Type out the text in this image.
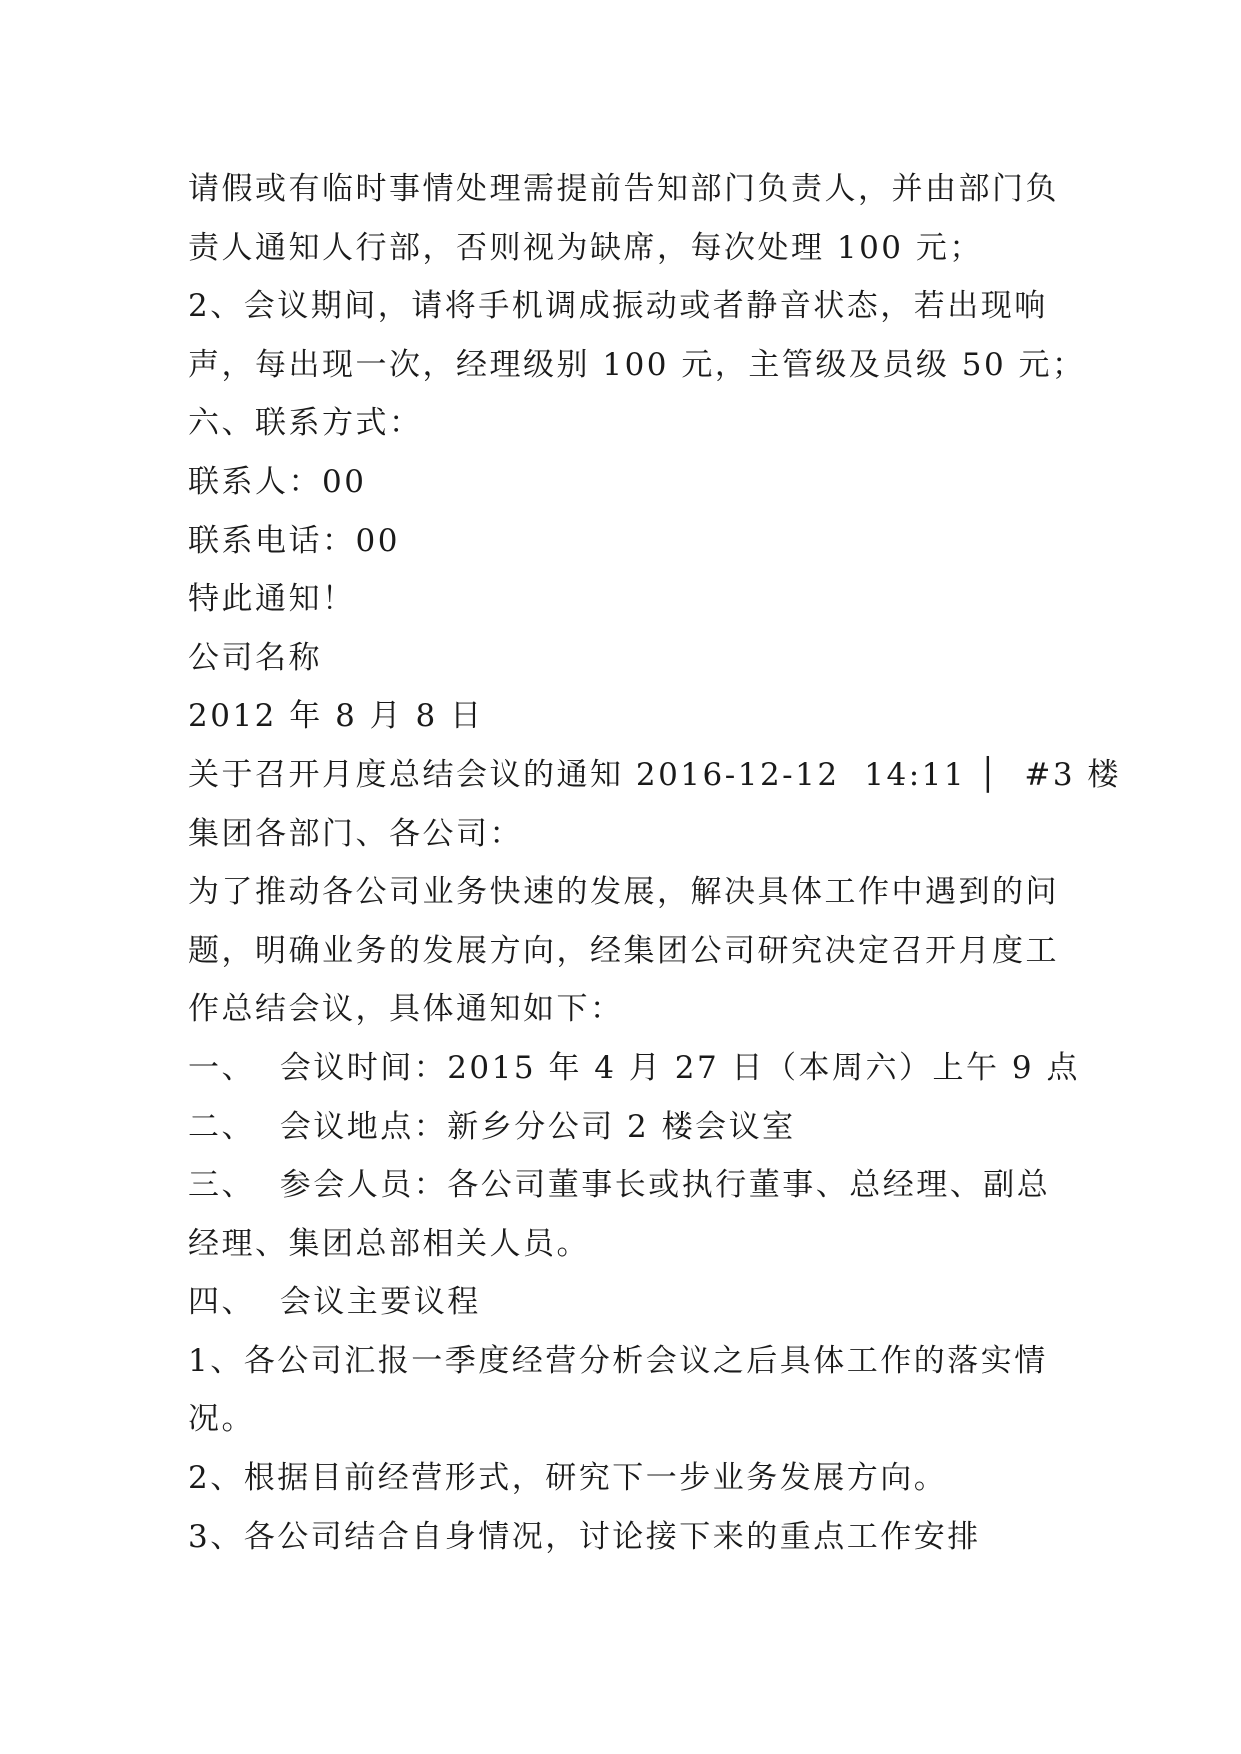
请假或有临时事情处理需提前告知部门负责人，并由部门负
责人通知人行部，否则视为缺席，每次处理 100 元；
2、会议期间，请将手机调成振动或者静音状态，若出现响
声，每出现一次，经理级别 100 元，主管级及员级 50 元；
六、联系方式：
联系人：00
联系电话：00
特此通知！
公司名称
2012 年 8 月 8 日
关于召开月度总结会议的通知 2016-12-12  14:11 │  #3 楼
集团各部门、各公司：
为了推动各公司业务快速的发展，解决具体工作中遇到的问
题，明确业务的发展方向，经集团公司研究决定召开月度工
作总结会议，具体通知如下：
一、  会议时间：2015 年 4 月 27 日（本周六）上午 9 点
二、  会议地点：新乡分公司 2 楼会议室
三、  参会人员：各公司董事长或执行董事、总经理、副总
经理、集团总部相关人员。
四、  会议主要议程
1、各公司汇报一季度经营分析会议之后具体工作的落实情
况。
2、根据目前经营形式，研究下一步业务发展方向。
3、各公司结合自身情况，讨论接下来的重点工作安排
